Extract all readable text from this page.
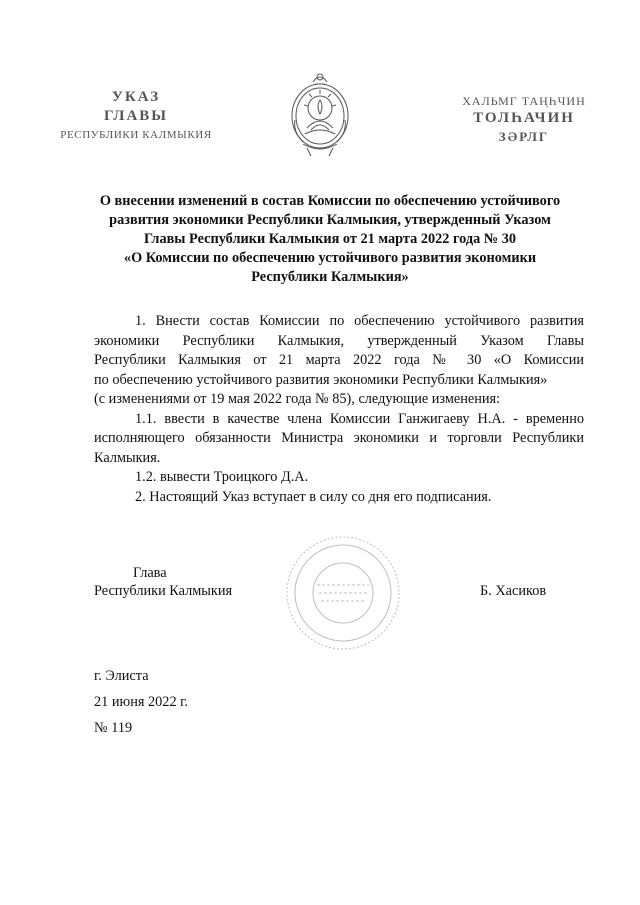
УКАЗ
ГЛАВЫ
РЕСПУБЛИКИ КАЛМЫКИЯ
ХАЛЬМГ ТАҢҺЧИН
ТОЛҺАЧИН
ЗӘРЛГ
О внесении изменений в состав Комиссии по обеспечению устойчивого
развития экономики Республики Калмыкия, утвержденный Указом
Главы Республики Калмыкия от 21 марта 2022 года № 30
«О Комиссии по обеспечению устойчивого развития экономики
Республики Калмыкия»
1. Внести состав Комиссии по обеспечению устойчивого развития
экономики Республики Калмыкия, утвержденный Указом Главы
Республики Калмыкия от 21 марта 2022 года № 30 «О Комиссии
по обеспечению устойчивого развития экономики Республики Калмыкия»
(с изменениями от 19 мая 2022 года № 85), следующие изменения:
1.1. ввести в качестве члена Комиссии Ганжигаеву Н.А. - временно
исполняющего обязанности Министра экономики и торговли Республики
Калмыкия.
1.2. вывести Троицкого Д.А.
2. Настоящий Указ вступает в силу со дня его подписания.
Глава
Республики Калмыкия	Б. Хасиков
г. Элиста
21 июня 2022 г.
№ 119
